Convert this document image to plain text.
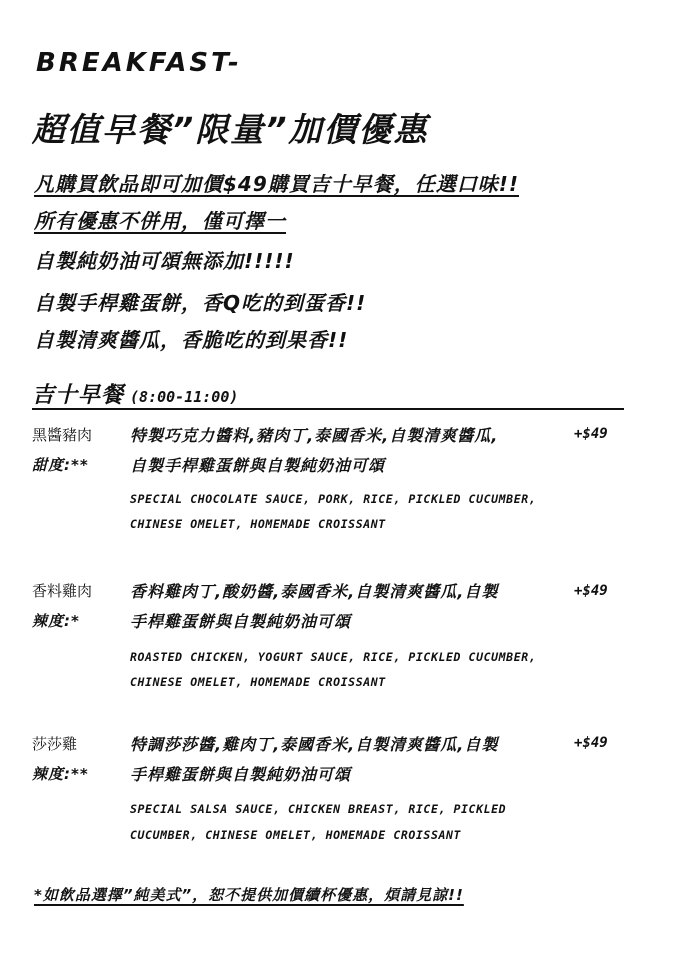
BREAKFAST-
超值早餐”限量”加價優惠
凡購買飲品即可加價$49購買吉十早餐，任選口味!!
所有優惠不併用，僅可擇一
自製純奶油可頌無添加!!!!!
自製手桿雞蛋餅，香Q吃的到蛋香!!
自製清爽醬瓜，香脆吃的到果香!!
吉十早餐 (8:00-11:00)
黑醬豬肉
甜度:**
特製巧克力醬料,豬肉丁,泰國香米,自製清爽醬瓜,
自製手桿雞蛋餅與自製純奶油可頌
+$49
SPECIAL CHOCOLATE SAUCE, PORK, RICE, PICKLED CUCUMBER,
CHINESE OMELET, HOMEMADE CROISSANT
香料雞肉
辣度:*
香料雞肉丁,酸奶醬,泰國香米,自製清爽醬瓜,自製
手桿雞蛋餅與自製純奶油可頌
+$49
ROASTED CHICKEN, YOGURT SAUCE, RICE, PICKLED CUCUMBER,
CHINESE OMELET, HOMEMADE CROISSANT
莎莎雞
辣度:**
特調莎莎醬,雞肉丁,泰國香米,自製清爽醬瓜,自製
手桿雞蛋餅與自製純奶油可頌
+$49
SPECIAL SALSA SAUCE, CHICKEN BREAST, RICE, PICKLED
CUCUMBER, CHINESE OMELET, HOMEMADE CROISSANT
*如飲品選擇”純美式”，恕不提供加價續杯優惠，煩請見諒!!
